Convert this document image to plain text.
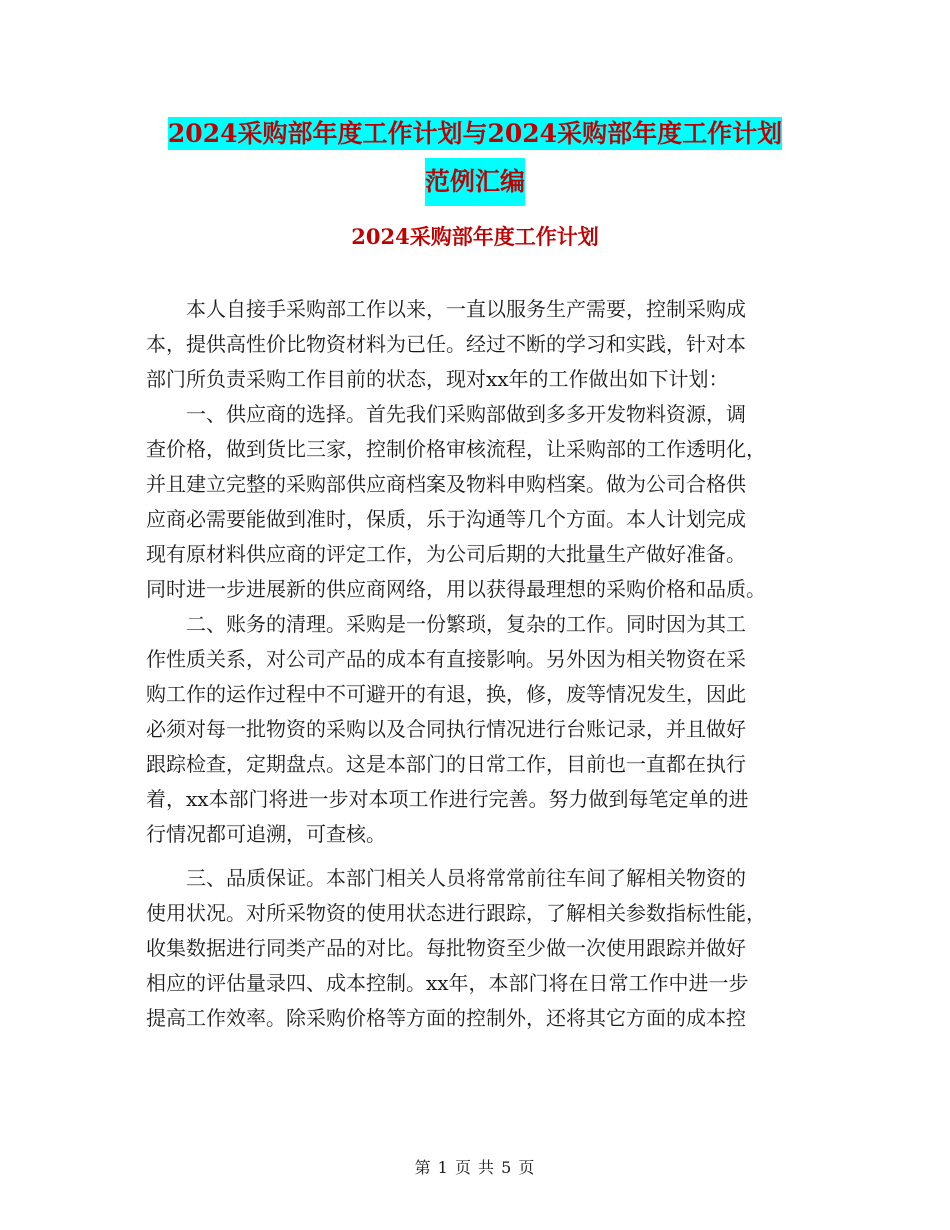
2024采购部年度工作计划与2024采购部年度工作计划
范例汇编
2024采购部年度工作计划
本人自接手采购部工作以来，一直以服务生产需要，控制采购成
本，提供高性价比物资材料为已任。经过不断的学习和实践，针对本
部门所负责采购工作目前的状态，现对xx年的工作做出如下计划：
一、供应商的选择。首先我们采购部做到多多开发物料资源，调
查价格，做到货比三家，控制价格审核流程，让采购部的工作透明化，
并且建立完整的采购部供应商档案及物料申购档案。做为公司合格供
应商必需要能做到准时，保质，乐于沟通等几个方面。本人计划完成
现有原材料供应商的评定工作，为公司后期的大批量生产做好准备。
同时进一步进展新的供应商网络，用以获得最理想的采购价格和品质。
二、账务的清理。采购是一份繁琐，复杂的工作。同时因为其工
作性质关系，对公司产品的成本有直接影响。另外因为相关物资在采
购工作的运作过程中不可避开的有退，换，修，废等情况发生，因此
必须对每一批物资的采购以及合同执行情况进行台账记录，并且做好
跟踪检查，定期盘点。这是本部门的日常工作，目前也一直都在执行
着，xx本部门将进一步对本项工作进行完善。努力做到每笔定单的进
行情况都可追溯，可查核。
三、品质保证。本部门相关人员将常常前往车间了解相关物资的
使用状况。对所采物资的使用状态进行跟踪，了解相关参数指标性能，
收集数据进行同类产品的对比。每批物资至少做一次使用跟踪并做好
相应的评估量录四、成本控制。xx年，本部门将在日常工作中进一步
提高工作效率。除采购价格等方面的控制外，还将其它方面的成本控
第 1 页 共 5 页
